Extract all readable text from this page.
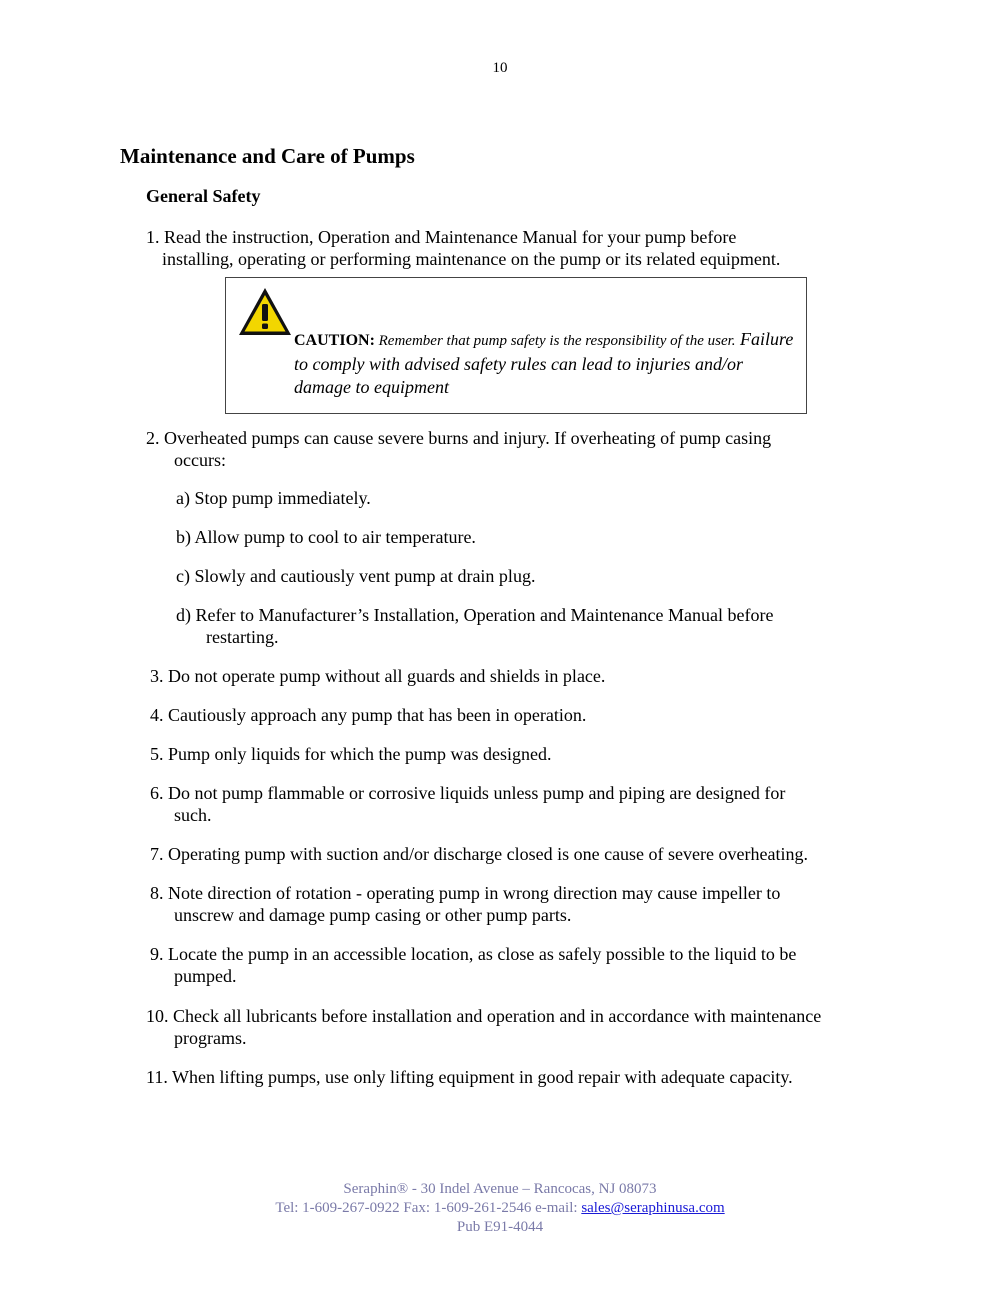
10
Maintenance and Care of Pumps
General Safety
1. Read the instruction, Operation and Maintenance Manual for your pump before
installing, operating or performing maintenance on the pump or its related equipment.
CAUTION: Remember that pump safety is the responsibility of the user. Failure to comply with advised safety rules can lead to injuries and/or damage to equipment
2. Overheated pumps can cause severe burns and injury. If overheating of pump casing
occurs:
a) Stop pump immediately.
b) Allow pump to cool to air temperature.
c) Slowly and cautiously vent pump at drain plug.
d) Refer to Manufacturer’s Installation, Operation and Maintenance Manual before
restarting.
3. Do not operate pump without all guards and shields in place.
4. Cautiously approach any pump that has been in operation.
5. Pump only liquids for which the pump was designed.
6. Do not pump flammable or corrosive liquids unless pump and piping are designed for
such.
7. Operating pump with suction and/or discharge closed is one cause of severe overheating.
8. Note direction of rotation - operating pump in wrong direction may cause impeller to
unscrew and damage pump casing or other pump parts.
9. Locate the pump in an accessible location, as close as safely possible to the liquid to be
pumped.
10. Check all lubricants before installation and operation and in accordance with maintenance
programs.
11. When lifting pumps, use only lifting equipment in good repair with adequate capacity.
Seraphin® - 30 Indel Avenue – Rancocas, NJ 08073
Tel: 1-609-267-0922 Fax: 1-609-261-2546 e-mail: sales@seraphinusa.com
Pub E91-4044
